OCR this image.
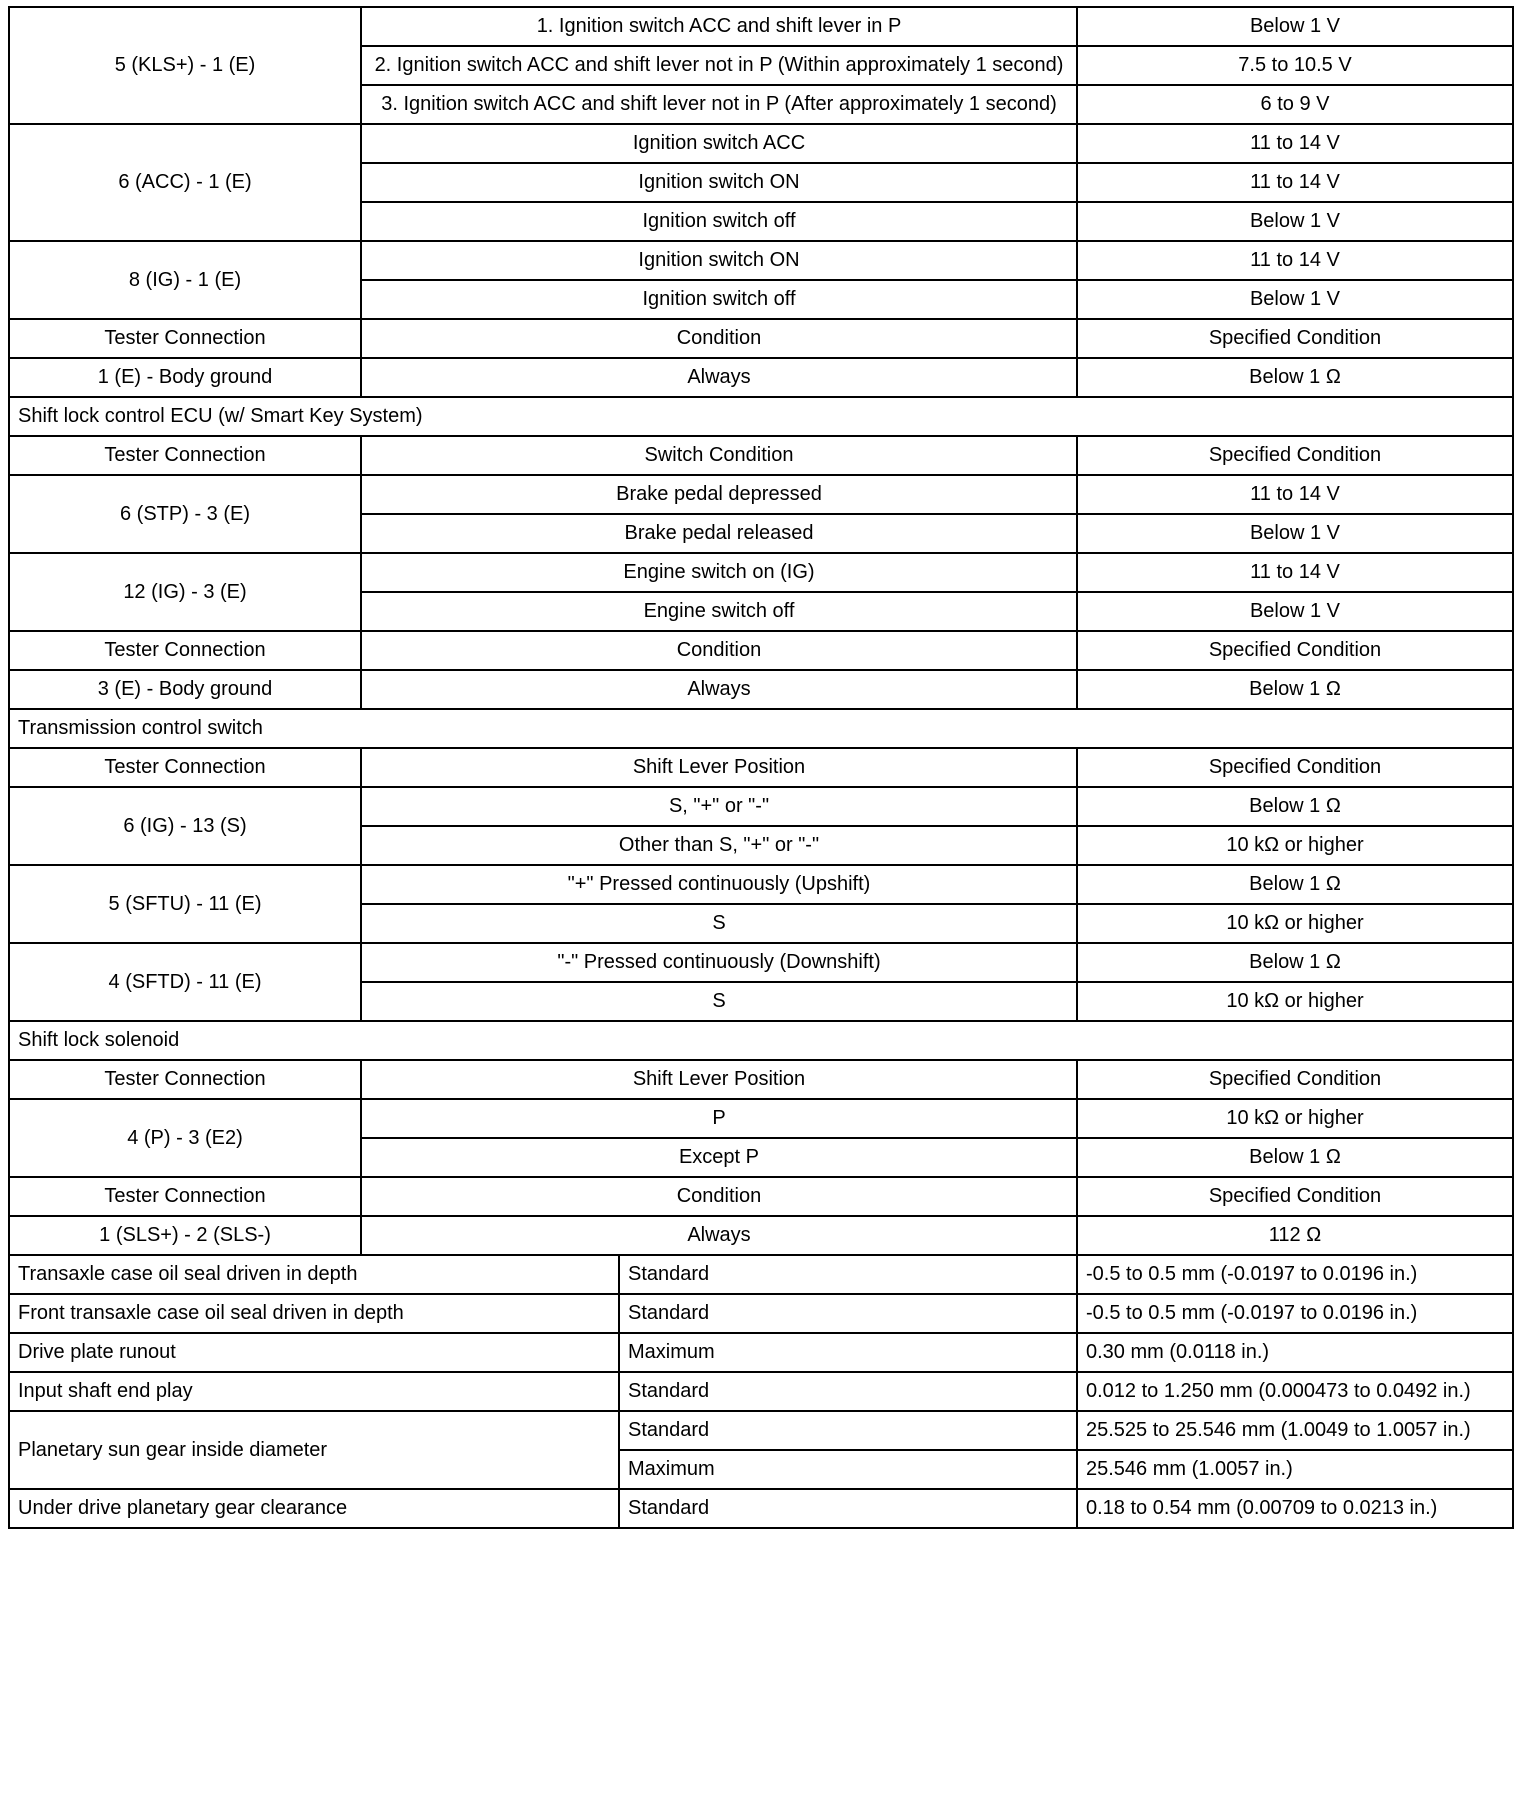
5 (KLS+) - 1 (E)	1. Ignition switch ACC and shift lever in P		Below 1 V
	2. Ignition switch ACC and shift lever not in P (Within approximately 1 second)		7.5 to 10.5 V
	3. Ignition switch ACC and shift lever not in P (After approximately 1 second)		6 to 9 V
6 (ACC) - 1 (E)	Ignition switch ACC		11 to 14 V
	Ignition switch ON		11 to 14 V
	Ignition switch off		Below 1 V
8 (IG) - 1 (E)	Ignition switch ON		11 to 14 V
	Ignition switch off		Below 1 V
Tester Connection	Condition		Specified Condition
1 (E) - Body ground	Always		Below 1 Ω
Shift lock control ECU (w/ Smart Key System)			
Tester Connection	Switch Condition		Specified Condition
6 (STP) - 3 (E)	Brake pedal depressed		11 to 14 V
	Brake pedal released		Below 1 V
12 (IG) - 3 (E)	Engine switch on (IG)		11 to 14 V
	Engine switch off		Below 1 V
Tester Connection	Condition		Specified Condition
3 (E) - Body ground	Always		Below 1 Ω
Transmission control switch			
Tester Connection	Shift Lever Position		Specified Condition
6 (IG) - 13 (S)	S, "+" or "-"		Below 1 Ω
	Other than S, "+" or "-"		10 kΩ or higher
5 (SFTU) - 11 (E)	"+" Pressed continuously (Upshift)		Below 1 Ω
	S		10 kΩ or higher
4 (SFTD) - 11 (E)	"-" Pressed continuously (Downshift)		Below 1 Ω
	S		10 kΩ or higher
Shift lock solenoid			
Tester Connection	Shift Lever Position		Specified Condition
4 (P) - 3 (E2)	P		10 kΩ or higher
	Except P		Below 1 Ω
Tester Connection	Condition		Specified Condition
1 (SLS+) - 2 (SLS-)	Always		112 Ω
Transaxle case oil seal driven in depth		Standard	-0.5 to 0.5 mm (-0.0197 to 0.0196 in.)
Front transaxle case oil seal driven in depth		Standard	-0.5 to 0.5 mm (-0.0197 to 0.0196 in.)
Drive plate runout		Maximum	0.30 mm (0.0118 in.)
Input shaft end play		Standard	0.012 to 1.250 mm (0.000473 to 0.0492 in.)
Planetary sun gear inside diameter		Standard	25.525 to 25.546 mm (1.0049 to 1.0057 in.)
		Maximum	25.546 mm (1.0057 in.)
Under drive planetary gear clearance		Standard	0.18 to 0.54 mm (0.00709 to 0.0213 in.)
